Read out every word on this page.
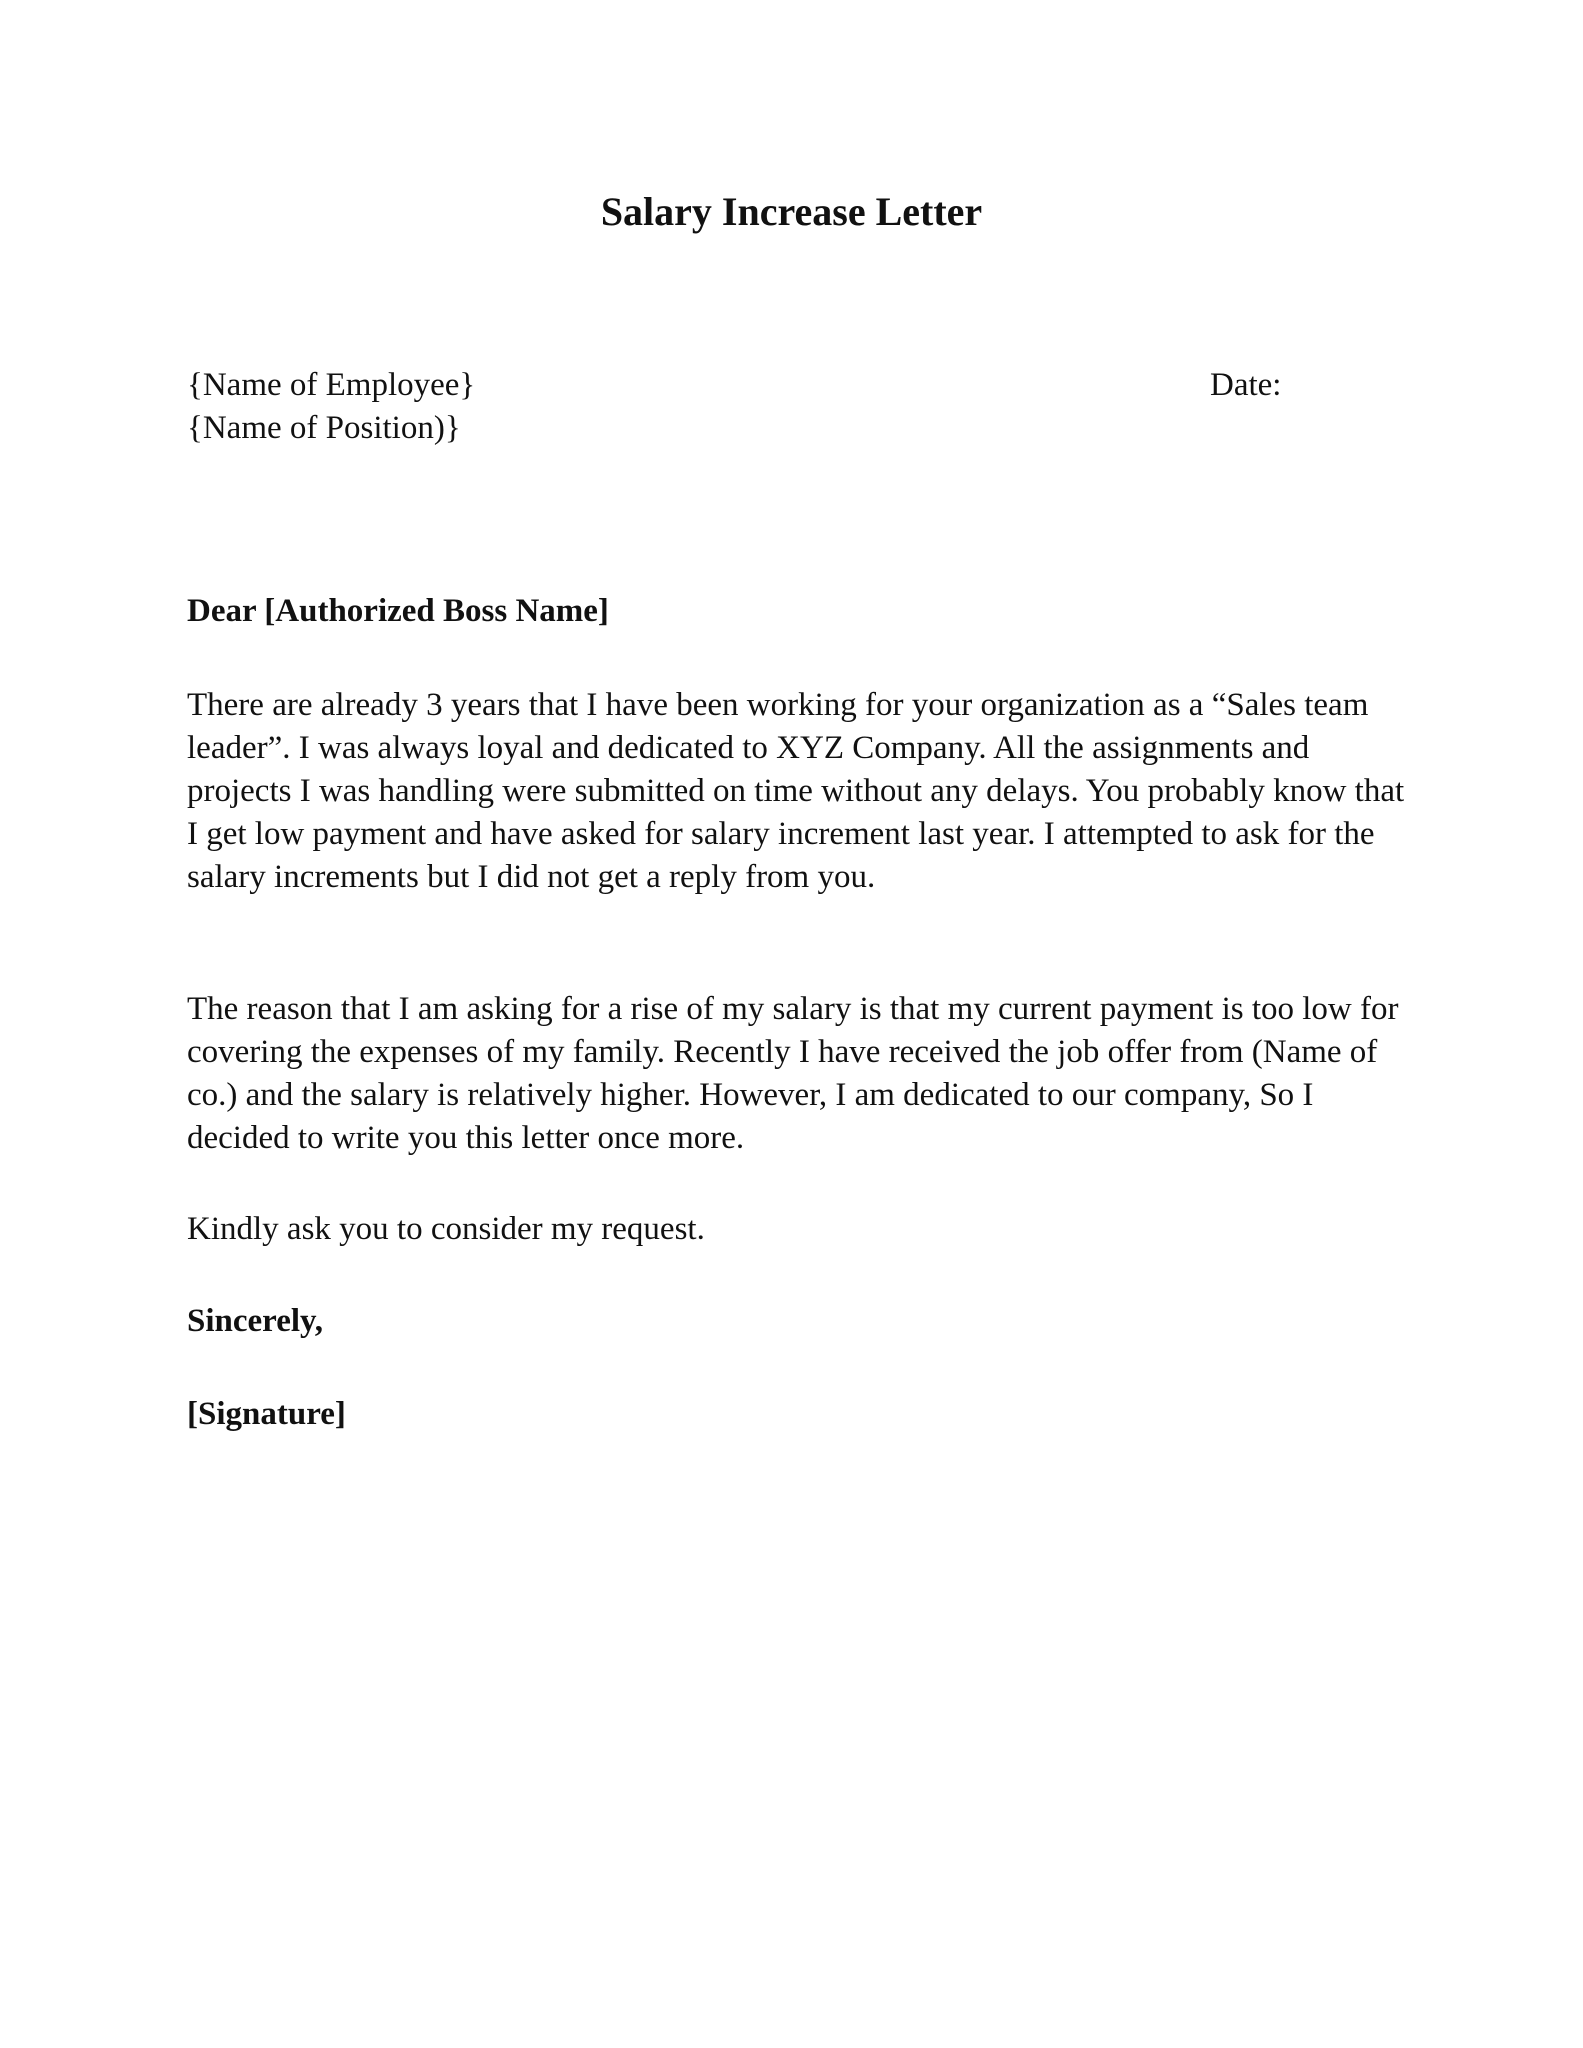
Salary Increase Letter
{Name of Employee}
{Name of Position)}
Date:
Dear [Authorized Boss Name]

There are already 3 years that I have been working for your organization as a “Sales team leader”. I was always loyal and dedicated to XYZ Company. All the assignments and projects I was handling were submitted on time without any delays. You probably know that I get low payment and have asked for salary increment last year. I attempted to ask for the salary increments but I did not get a reply from you.

The reason that I am asking for a rise of my salary is that my current payment is too low for covering the expenses of my family. Recently I have received the job offer from (Name of co.) and the salary is relatively higher. However, I am dedicated to our company, So I decided to write you this letter once more.

Kindly ask you to consider my request.

Sincerely,
[Signature]
